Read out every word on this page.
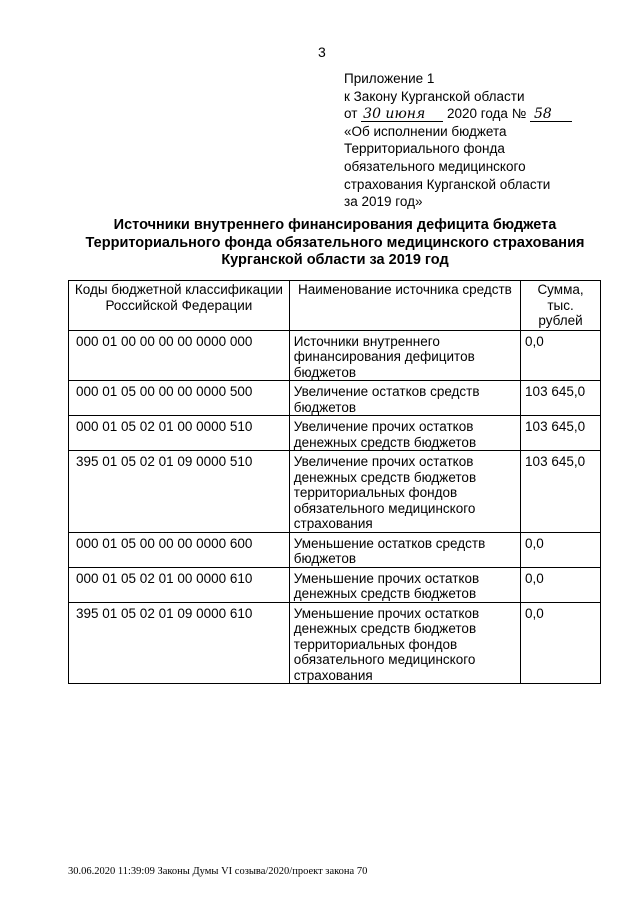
3
Приложение 1
к Закону Курганской области
от 30 июня 2020 года № 58
«Об исполнении бюджета
Территориального фонда
обязательного медицинского
страхования Курганской области
за 2019 год»
Источники внутреннего финансирования дефицита бюджета
Территориального фонда обязательного медицинского страхования
Курганской области за 2019 год
Коды бюджетной классификации Российской Федерации	Наименование источника средств	Сумма, тыс. рублей
000 01 00 00 00 00 0000 000	Источники внутреннего финансирования дефицитов бюджетов	0,0
000 01 05 00 00 00 0000 500	Увеличение остатков средств бюджетов	103 645,0
000 01 05 02 01 00 0000 510	Увеличение прочих остатков денежных средств бюджетов	103 645,0
395 01 05 02 01 09 0000 510	Увеличение прочих остатков денежных средств бюджетов территориальных фондов обязательного медицинского страхования	103 645,0
000 01 05 00 00 00 0000 600	Уменьшение остатков средств бюджетов	0,0
000 01 05 02 01 00 0000 610	Уменьшение прочих остатков денежных средств бюджетов	0,0
395 01 05 02 01 09 0000 610	Уменьшение прочих остатков денежных средств бюджетов территориальных фондов обязательного медицинского страхования	0,0
30.06.2020 11:39:09 Законы Думы VI созыва/2020/проект закона 70
